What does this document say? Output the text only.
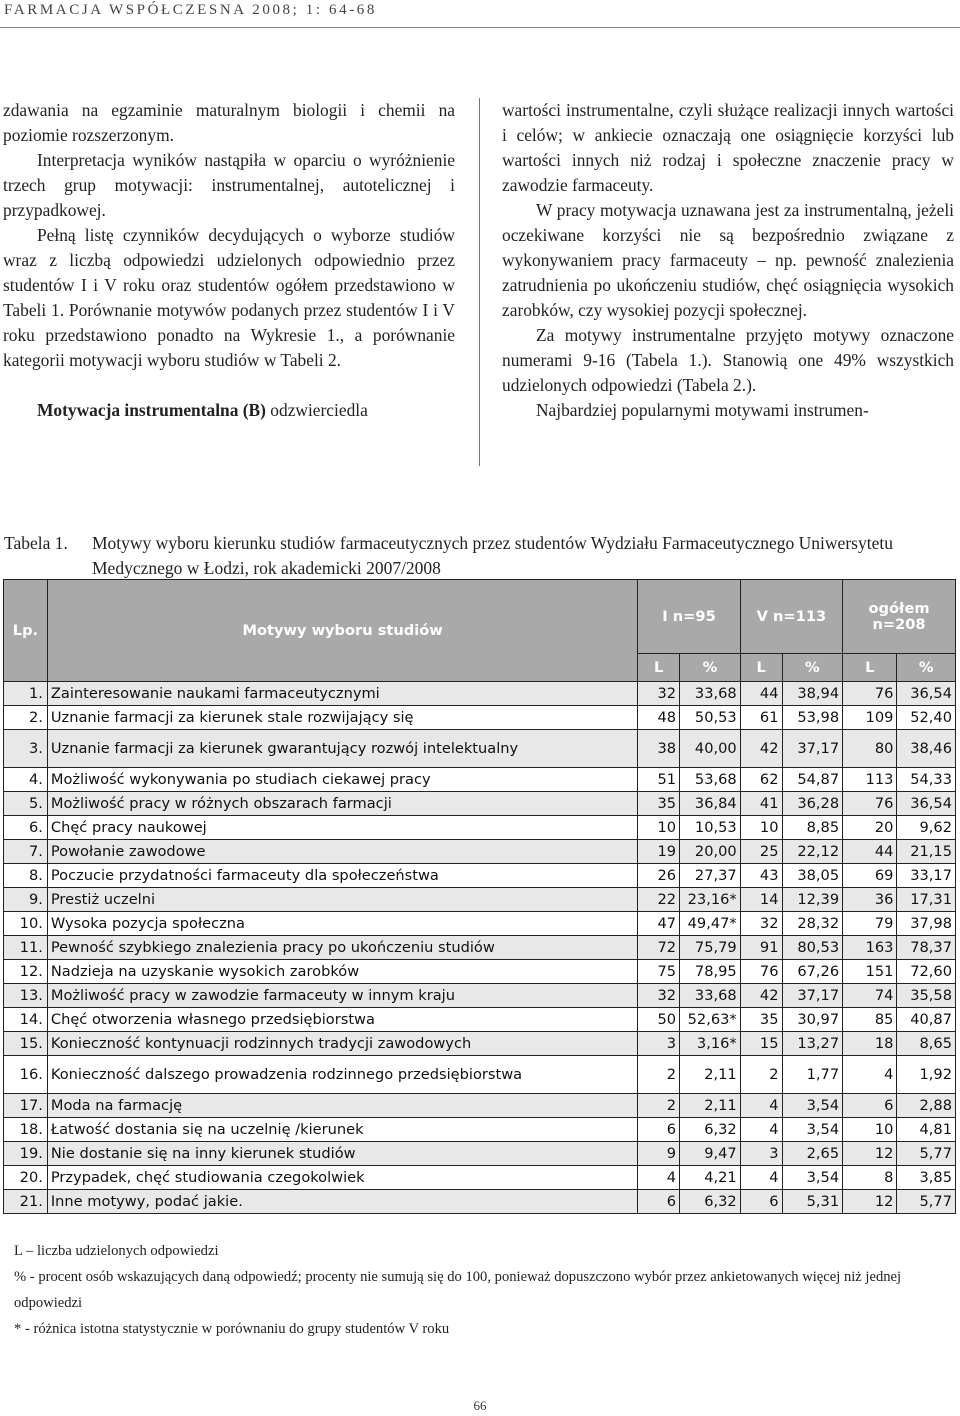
FARMACJA WSPÓŁCZESNA 2008; 1: 64-68

zdawania na egzaminie maturalnym biologii i chemii na poziomie rozszerzonym.

Interpretacja wyników nastąpiła w oparciu o wyróżnienie trzech grup motywacji: instrumentalnej, autotelicznej i przypadkowej.

Pełną listę czynników decydujących o wyborze studiów wraz z liczbą odpowiedzi udzielonych odpowiednio przez studentów I i V roku oraz studentów ogółem przedstawiono w Tabeli 1. Porównanie motywów podanych przez studentów I i V roku przedstawiono ponadto na Wykresie 1., a porównanie kategorii motywacji wyboru studiów w Tabeli 2.

Motywacja instrumentalna (B) odzwierciedla

wartości instrumentalne, czyli służące realizacji innych wartości i celów; w ankiecie oznaczają one osiągnięcie korzyści lub wartości innych niż rodzaj i społeczne znaczenie pracy w zawodzie farmaceuty.

W pracy motywacja uznawana jest za instrumentalną, jeżeli oczekiwane korzyści nie są bezpośrednio związane z wykonywaniem pracy farmaceuty – np. pewność znalezienia zatrudnienia po ukończeniu studiów, chęć osiągnięcia wysokich zarobków, czy wysokiej pozycji społecznej.

Za motywy instrumentalne przyjęto motywy oznaczone numerami 9-16 (Tabela 1.). Stanowią one 49% wszystkich udzielonych odpowiedzi (Tabela 2.).

Najbardziej popularnymi motywami instrumen-

Tabela 1. Motywy wyboru kierunku studiów farmaceutycznych przez studentów Wydziału Farmaceutycznego Uniwersytetu Medycznego w Łodzi, rok akademicki 2007/2008
Lp.	Motywy wyboru studiów	I n=95		V n=113		ogółem n=208	
		L	%	L	%	L	%
1.	Zainteresowanie naukami farmaceutycznymi	32	33,68	44	38,94	76	36,54
2.	Uznanie farmacji za kierunek stale rozwijający się	48	50,53	61	53,98	109	52,40
3.	Uznanie farmacji za kierunek gwarantujący rozwój intelektualny	38	40,00	42	37,17	80	38,46
4.	Możliwość wykonywania po studiach ciekawej pracy	51	53,68	62	54,87	113	54,33
5.	Możliwość pracy w różnych obszarach farmacji	35	36,84	41	36,28	76	36,54
6.	Chęć pracy naukowej	10	10,53	10	8,85	20	9,62
7.	Powołanie zawodowe	19	20,00	25	22,12	44	21,15
8.	Poczucie przydatności farmaceuty dla społeczeństwa	26	27,37	43	38,05	69	33,17
9.	Prestiż uczelni	22	23,16*	14	12,39	36	17,31
10.	Wysoka pozycja społeczna	47	49,47*	32	28,32	79	37,98
11.	Pewność szybkiego znalezienia pracy po ukończeniu studiów	72	75,79	91	80,53	163	78,37
12.	Nadzieja na uzyskanie wysokich zarobków	75	78,95	76	67,26	151	72,60
13.	Możliwość pracy w zawodzie farmaceuty w innym kraju	32	33,68	42	37,17	74	35,58
14.	Chęć otworzenia własnego przedsiębiorstwa	50	52,63*	35	30,97	85	40,87
15.	Konieczność kontynuacji rodzinnych tradycji zawodowych	3	3,16*	15	13,27	18	8,65
16.	Konieczność dalszego prowadzenia rodzinnego przedsiębiorstwa	2	2,11	2	1,77	4	1,92
17.	Moda na farmację	2	2,11	4	3,54	6	2,88
18.	Łatwość dostania się na uczelnię /kierunek	6	6,32	4	3,54	10	4,81
19.	Nie dostanie się na inny kierunek studiów	9	9,47	3	2,65	12	5,77
20.	Przypadek, chęć studiowania czegokolwiek	4	4,21	4	3,54	8	3,85
21.	Inne motywy, podać jakie.	6	6,32	6	5,31	12	5,77

L – liczba udzielonych odpowiedzi

% - procent osób wskazujących daną odpowiedź; procenty nie sumują się do 100, ponieważ dopuszczono wybór przez ankietowanych więcej niż jednej odpowiedzi

* - różnica istotna statystycznie w porównaniu do grupy studentów V roku

66
